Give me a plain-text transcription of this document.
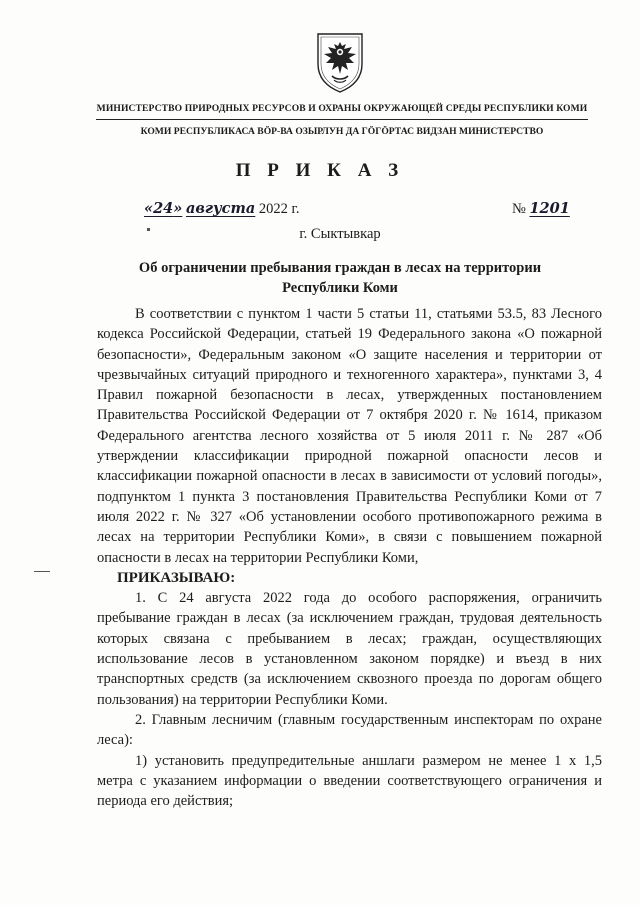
МИНИСТЕРСТВО ПРИРОДНЫХ РЕСУРСОВ И ОХРАНЫ ОКРУЖАЮЩЕЙ СРЕДЫ РЕСПУБЛИКИ КОМИ
КОМИ РЕСПУБЛИКАСА ВӦР-ВА ОЗЫРЛУН ДА ГӦГӦРТАС ВИДЗАН МИНИСТЕРСТВО
П Р И К А З
«24» августа 2022 г.	№ 1201
г. Сыктывкар
Об ограничении пребывания граждан в лесах на территории Республики Коми

В соответствии с пунктом 1 части 5 статьи 11, статьями 53.5, 83 Лесного кодекса Российской Федерации, статьей 19 Федерального закона «О пожарной безопасности», Федеральным законом «О защите населения и территории от чрезвычайных ситуаций природного и техногенного характера», пунктами 3, 4 Правил пожарной безопасности в лесах, утвержденных постановлением Правительства Российской Федерации от 7 октября 2020 г. № 1614, приказом Федерального агентства лесного хозяйства от 5 июля 2011 г. № 287 «Об утверждении классификации природной пожарной опасности лесов и классификации пожарной опасности в лесах в зависимости от условий погоды», подпунктом 1 пункта 3 постановления Правительства Республики Коми от 7 июля 2022 г. № 327 «Об установлении особого противопожарного режима в лесах на территории Республики Коми», в связи с повышением пожарной опасности в лесах на территории Республики Коми,

ПРИКАЗЫВАЮ:

1. С 24 августа 2022 года до особого распоряжения, ограничить пребывание граждан в лесах (за исключением граждан, трудовая деятельность которых связана с пребыванием в лесах; граждан, осуществляющих использование лесов в установленном законом порядке) и въезд в них транспортных средств (за исключением сквозного проезда по дорогам общего пользования) на территории Республики Коми.

2. Главным лесничим (главным государственным инспекторам по охране леса):

1) установить предупредительные аншлаги размером не менее 1 x 1,5 метра с указанием информации о введении соответствующего ограничения и периода его действия;
